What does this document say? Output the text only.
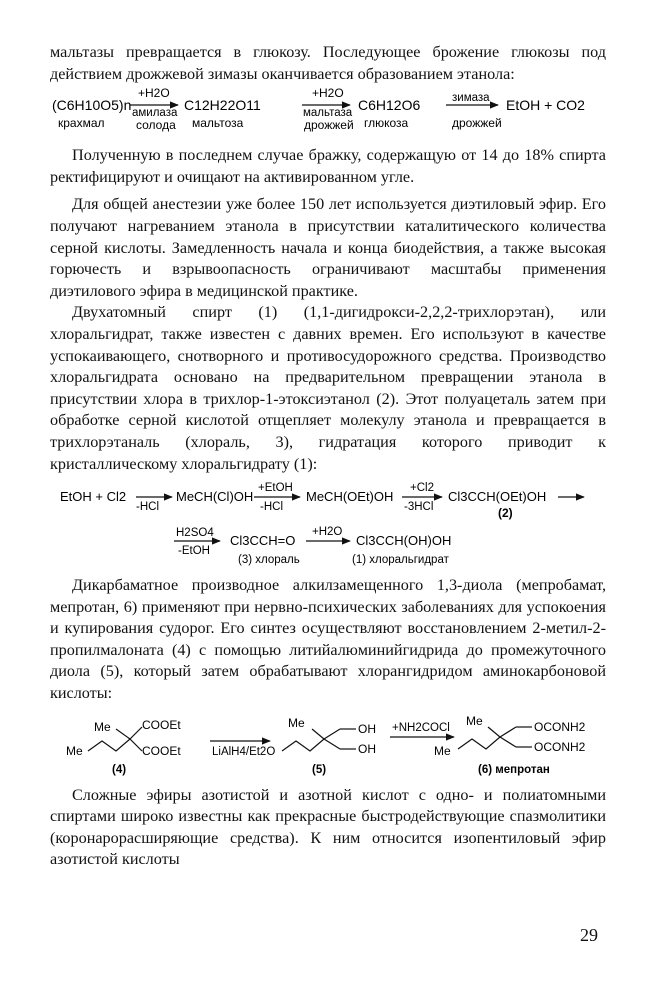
мальтазы превращается в глюкозу. Последующее брожение глюкозы под действием дрожжевой зимазы оканчивается образованием этанола:

(C6H10O5)n
крахмал
+H2O
амилаза
солода
C12H22O11
мальтоза
+H2O
мальтаза
дрожжей
C6H12O6
глюкоза
зимаза
дрожжей
EtOH + CO2

Полученную в последнем случае бражку, содержащую от 14 до 18% спирта ректифицируют и очищают на активированном угле.

Для общей анестезии уже более 150 лет используется диэтиловый эфир. Его получают нагреванием этанола в присутствии каталитического количества серной кислоты. Замедленность начала и конца биодействия, а также высокая горючесть и взрывоопасность ограничивают масштабы применения диэтилового эфира в медицинской практике.

Двухатомный спирт (1) (1,1-дигидрокси-2,2,2-трихлорэтан), или хлоральгидрат, также известен с давних времен. Его используют в качестве успокаивающего, снотворного и противосудорожного средства. Производство хлоральгидрата основано на предварительном превращении этанола в присутствии хлора в трихлор-1-этоксиэтанол (2). Этот полуацеталь затем при обработке серной кислотой отщепляет молекулу этанола и превращается в трихлорэтаналь (хлораль, 3), гидратация которого приводит к кристаллическому хлоральгидрату (1):

EtOH + Cl2
-HCl
MeCH(Cl)OH
+EtOH
-HCl
MeCH(OEt)OH
+Cl2
-3HCl
Cl3CCH(OEt)OH
(2)
H2SO4
-EtOH
Cl3CCH=O
(3) хлораль
+H2O
Cl3CCH(OH)OH
(1) хлоральгидрат

Дикарбаматное производное алкилзамещенного 1,3-диола (мепробамат, мепротан, 6) применяют при нервно-психических заболеваниях для успокоения и купирования судорог. Его синтез осуществляют восстановлением 2-метил-2-пропилмалоната (4) с помощью литийалюминийгидрида до промежуточного диола (5), который затем обрабатывают хлорангидридом аминокарбоновой кислоты:

Me
Me
COOEt
COOEt
(4)
LiAlH4/Et2O
Me	OH
OH
(5)
+NH2COCl Me
Me
OCONH2
OCONH2
(6) мепротан

Сложные эфиры азотистой и азотной кислот с одно- и полиатомными спиртами широко известны как прекрасные быстродействующие спазмолитики (коронарорасширяющие средства). К ним относится изопентиловый эфир азотистой кислоты

29
